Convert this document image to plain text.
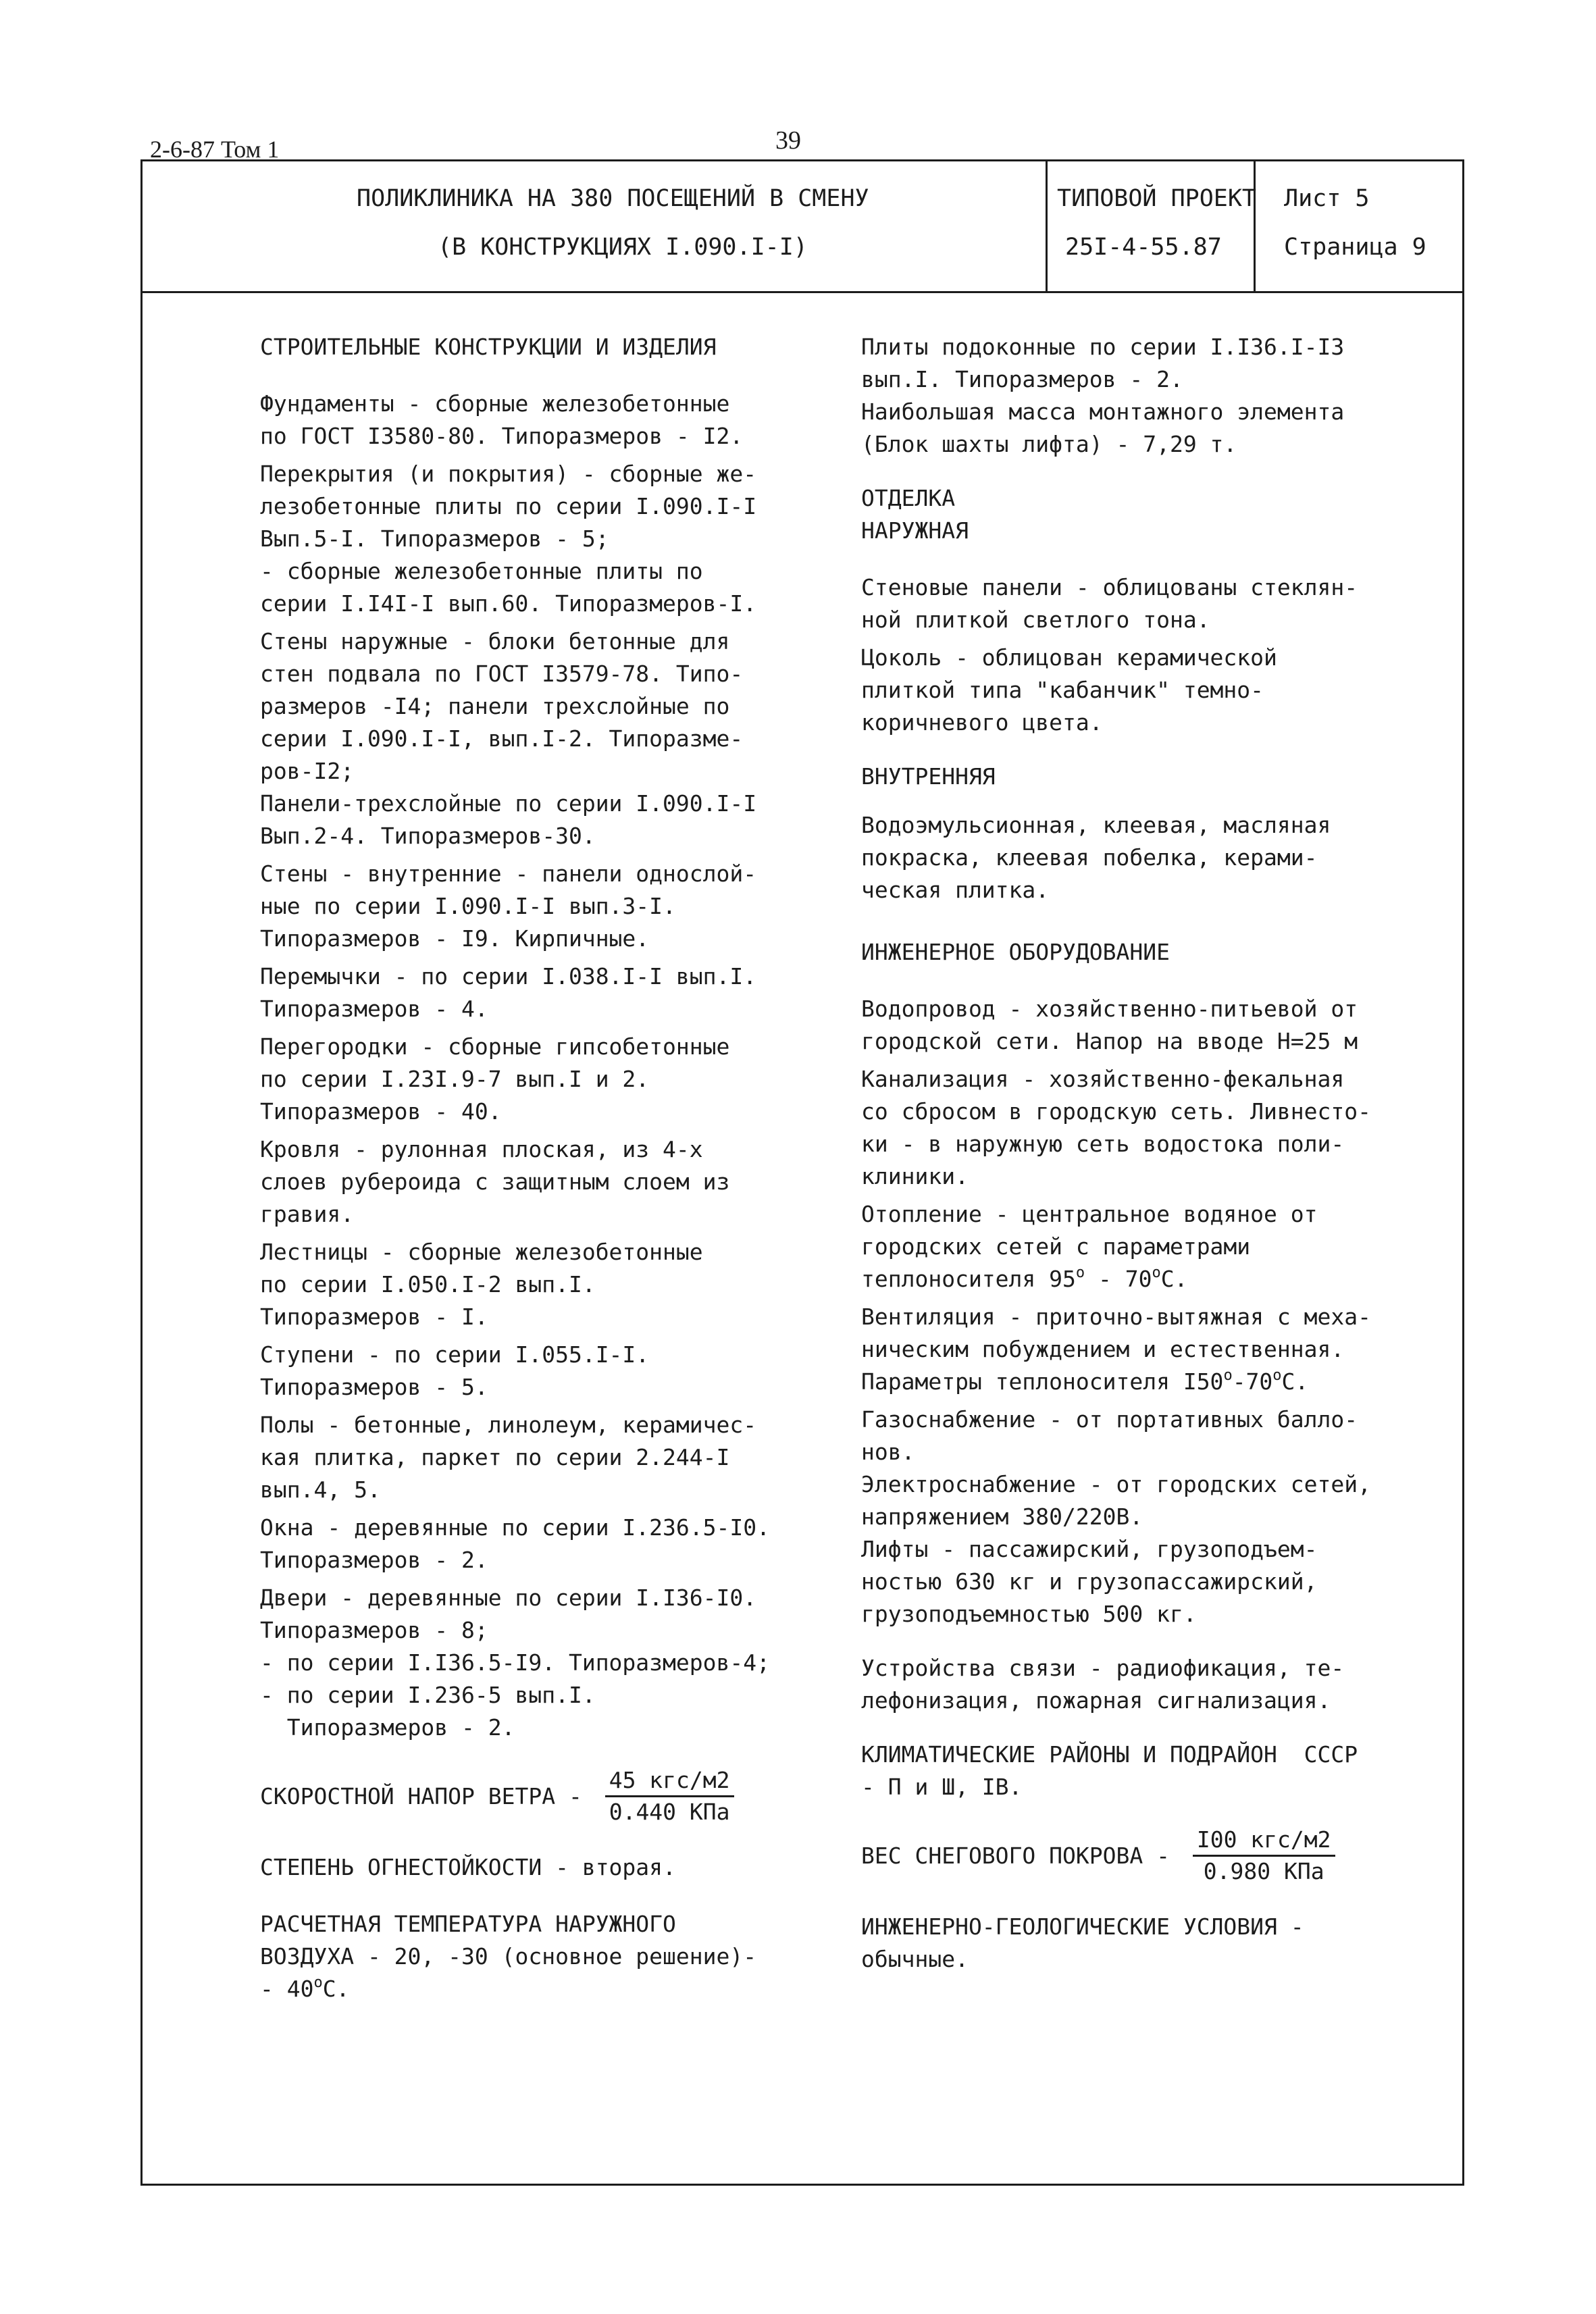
2-6-87 Том 1	39
ПОЛИКЛИНИКА НА 380 ПОСЕЩЕНИЙ В СМЕНУ
(В КОНСТРУКЦИЯХ I.090.I-I)
ТИПОВОЙ ПРОЕКТ
25I-4-55.87
Лист 5
Страница 9
СТРОИТЕЛЬНЫЕ КОНСТРУКЦИИ И ИЗДЕЛИЯ
Фундаменты - сборные железобетонные
по ГОСТ I3580-80. Типоразмеров - I2.
Перекрытия (и покрытия) - сборные же-
лезобетонные плиты по серии I.090.I-I
Вып.5-I. Типоразмеров - 5;
- сборные железобетонные плиты по
серии I.I4I-I вып.60. Типоразмеров-I.
Стены наружные - блоки бетонные для
стен подвала по ГОСТ I3579-78. Типо-
размеров -I4; панели трехслойные по
серии I.090.I-I, вып.I-2. Типоразме-
ров-I2;
Панели-трехслойные по серии I.090.I-I
Вып.2-4. Типоразмеров-30.
Стены - внутренние - панели однослой-
ные по серии I.090.I-I вып.3-I.
Типоразмеров - I9. Кирпичные.
Перемычки - по серии I.038.I-I вып.I.
Типоразмеров - 4.
Перегородки - сборные гипсобетонные
по серии I.23I.9-7 вып.I и 2.
Типоразмеров - 40.
Кровля - рулонная плоская, из 4-х
слоев рубероида с защитным слоем из
гравия.
Лестницы - сборные железобетонные
по серии I.050.I-2 вып.I.
Типоразмеров - I.
Ступени - по серии I.055.I-I.
Типоразмеров - 5.
Полы - бетонные, линолеум, керамичес-
кая плитка, паркет по серии 2.244-I
вып.4, 5.
Окна - деревянные по серии I.236.5-I0.
Типоразмеров - 2.
Двери - деревянные по серии I.I36-I0.
Типоразмеров - 8;
- по серии I.I36.5-I9. Типоразмеров-4;
- по серии I.236-5 вып.I.
Типоразмеров - 2.
СКОРОСТНОЙ НАПОР ВЕТРА - $\frac{\text{45 кгс/м2}}{\text{0.440 КПа}}$
СТЕПЕНЬ ОГНЕСТОЙКОСТИ - вторая.
РАСЧЕТНАЯ ТЕМПЕРАТУРА НАРУЖНОГО
ВОЗДУХА - 20, -30 (основное решение)-
- $40^оС$.
Плиты подоконные по серии I.I36.I-I3
вып.I. Типоразмеров - 2.
Наибольшая масса монтажного элемента
(Блок шахты лифта) - 7,29 т.
ОТДЕЛКА
НАРУЖНАЯ
Стеновые панели - облицованы стеклян-
ной плиткой светлого тона.
Цоколь - облицован керамической
плиткой типа "кабанчик" темно-
коричневого цвета.
ВНУТРЕННЯЯ
Водоэмульсионная, клеевая, масляная
покраска, клеевая побелка, керами-
ческая плитка.
ИНЖЕНЕРНОЕ ОБОРУДОВАНИЕ
Водопровод - хозяйственно-питьевой от
городской сети. Напор на вводе Н=25 м
Канализация - хозяйственно-фекальная
со сбросом в городскую сеть. Ливнесто-
ки - в наружную сеть водостока поли-
клиники.
Отопление - центральное водяное от
городских сетей с параметрами
теплоносителя $95^о - 70^оС$.
Вентиляция - приточно-вытяжная с меха-
ническим побуждением и естественная.
Параметры теплоносителя $I50^о-70^оС$.
Газоснабжение - от портативных балло-
нов.
Электроснабжение - от городских сетей,
напряжением 380/220В.
Лифты - пассажирский, грузоподъем-
ностью 630 кг и грузопассажирский,
грузоподъемностью 500 кг.
Устройства связи - радиофикация, те-
лефонизация, пожарная сигнализация.
КЛИМАТИЧЕСКИЕ РАЙОНЫ И ПОДРАЙОН  СССР
- П и Ш, IВ.
ВЕС СНЕГОВОГО ПОКРОВА - $\frac{\text{I00 кгс/м2}}{\text{0.980 КПа}}$
ИНЖЕНЕРНО-ГЕОЛОГИЧЕСКИЕ УСЛОВИЯ -
обычные.
